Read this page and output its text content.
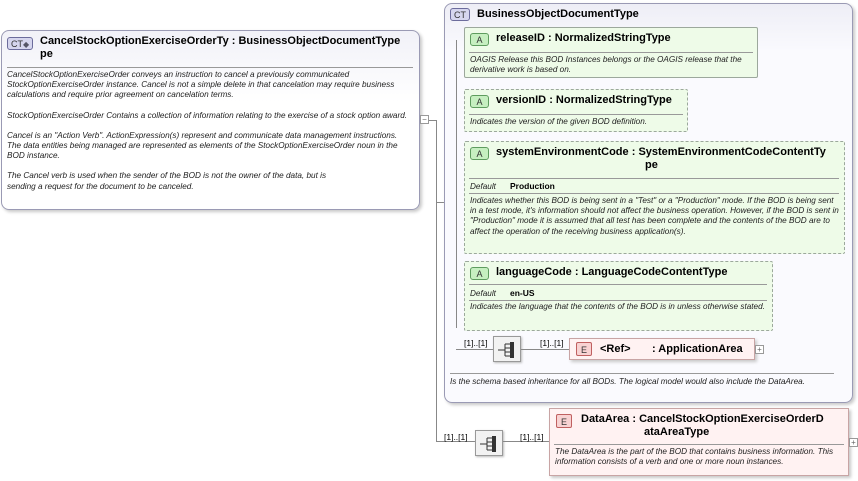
CT◆ CancelStockOptionExerciseOrderTy : BusinessObjectDocumentType
pe
CancelStockOptionExerciseOrder conveys an instruction to cancel a previously communicated StockOptionExerciseOrder instance. Cancel is not a simple delete in that cancelation may require business calculations and require prior agreement on cancelation terms.
StockOptionExerciseOrder Contains a collection of information relating to the exercise of a stock option award.
Cancel is an "Action Verb". ActionExpression(s) represent and communicate data management instructions. The data entities being managed are represented as elements of the StockOptionExerciseOrder noun in the BOD instance.
The Cancel verb is used when the sender of the BOD is not the owner of the data, but is sending a request for the document to be canceled.
−
CT	BusinessObjectDocumentType
Is the schema based inheritance for all BODs. The logical model would also include the DataArea.
A	releaseID : NormalizedStringType
OAGIS Release this BOD Instances belongs or the OAGIS release that the derivative work is based on.
A	versionID : NormalizedStringType
Indicates the version of the given BOD definition.
A	systemEnvironmentCode : SystemEnvironmentCodeContentTy
pe
Default Production
Indicates whether this BOD is being sent in a "Test" or a "Production" mode. If the BOD is being sent in a test mode, it's information should not affect the business operation. However, if the BOD is sent in "Production" mode it is assumed that all test has been complete and the contents of the BOD are to affect the operation of the receiving business application(s).
A	languageCode : LanguageCodeContentType
Default en-US
Indicates the language that the contents of the BOD is in unless otherwise stated.
[1]..[1]	[1]..[1]
E	<Ref> : ApplicationArea +
[1]..[1]	[1]..[1]
E	DataArea : CancelStockOptionExerciseOrderD
ataAreaType
The DataArea is the part of the BOD that contains business information. This information consists of a verb and one or more noun instances.
+
